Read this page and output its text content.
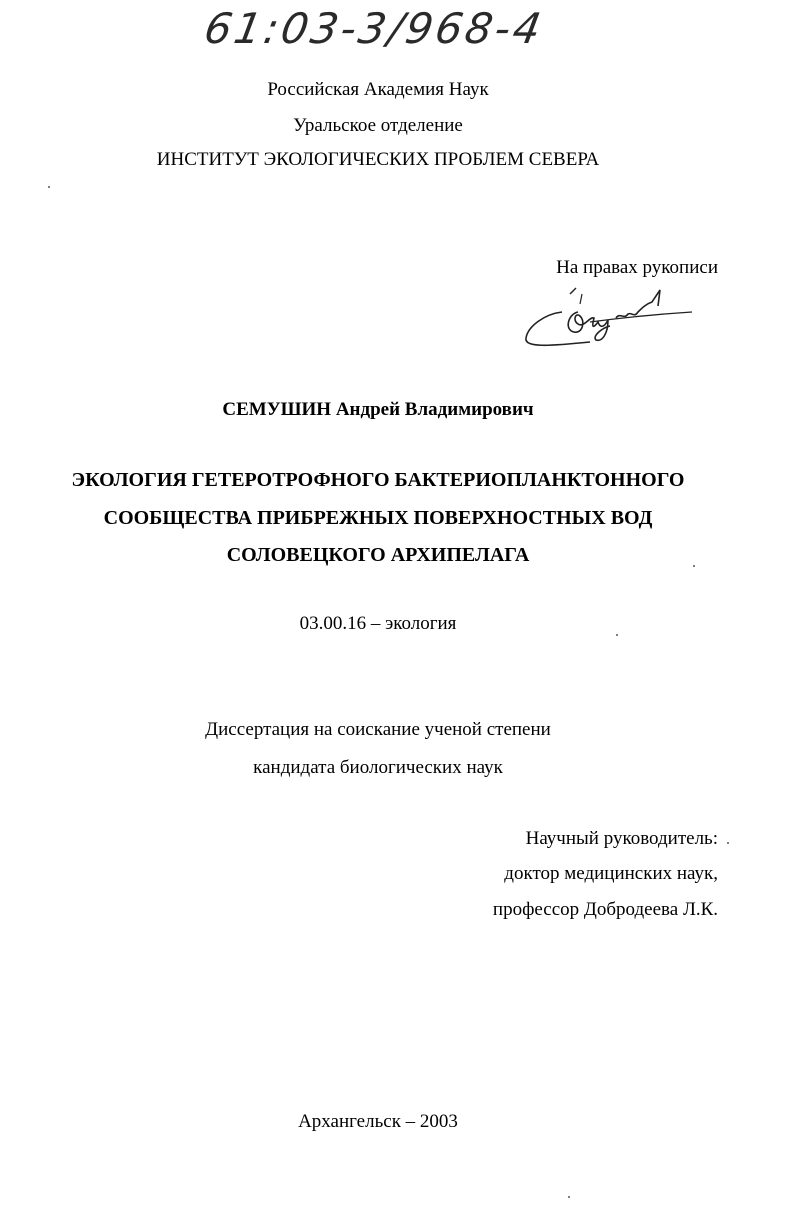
61:03-3/968-4
Российская Академия Наук
Уральское отделение
ИНСТИТУТ ЭКОЛОГИЧЕСКИХ ПРОБЛЕМ СЕВЕРА
На правах рукописи
СЕМУШИН Андрей Владимирович
ЭКОЛОГИЯ ГЕТЕРОТРОФНОГО БАКТЕРИОПЛАНКТОННОГО
СООБЩЕСТВА ПРИБРЕЖНЫХ ПОВЕРХНОСТНЫХ ВОД
СОЛОВЕЦКОГО АРХИПЕЛАГА
03.00.16 – экология
Диссертация на соискание ученой степени
кандидата биологических наук
Научный руководитель:
доктор медицинских наук,
профессор Добродеева Л.К.
Архангельск – 2003
